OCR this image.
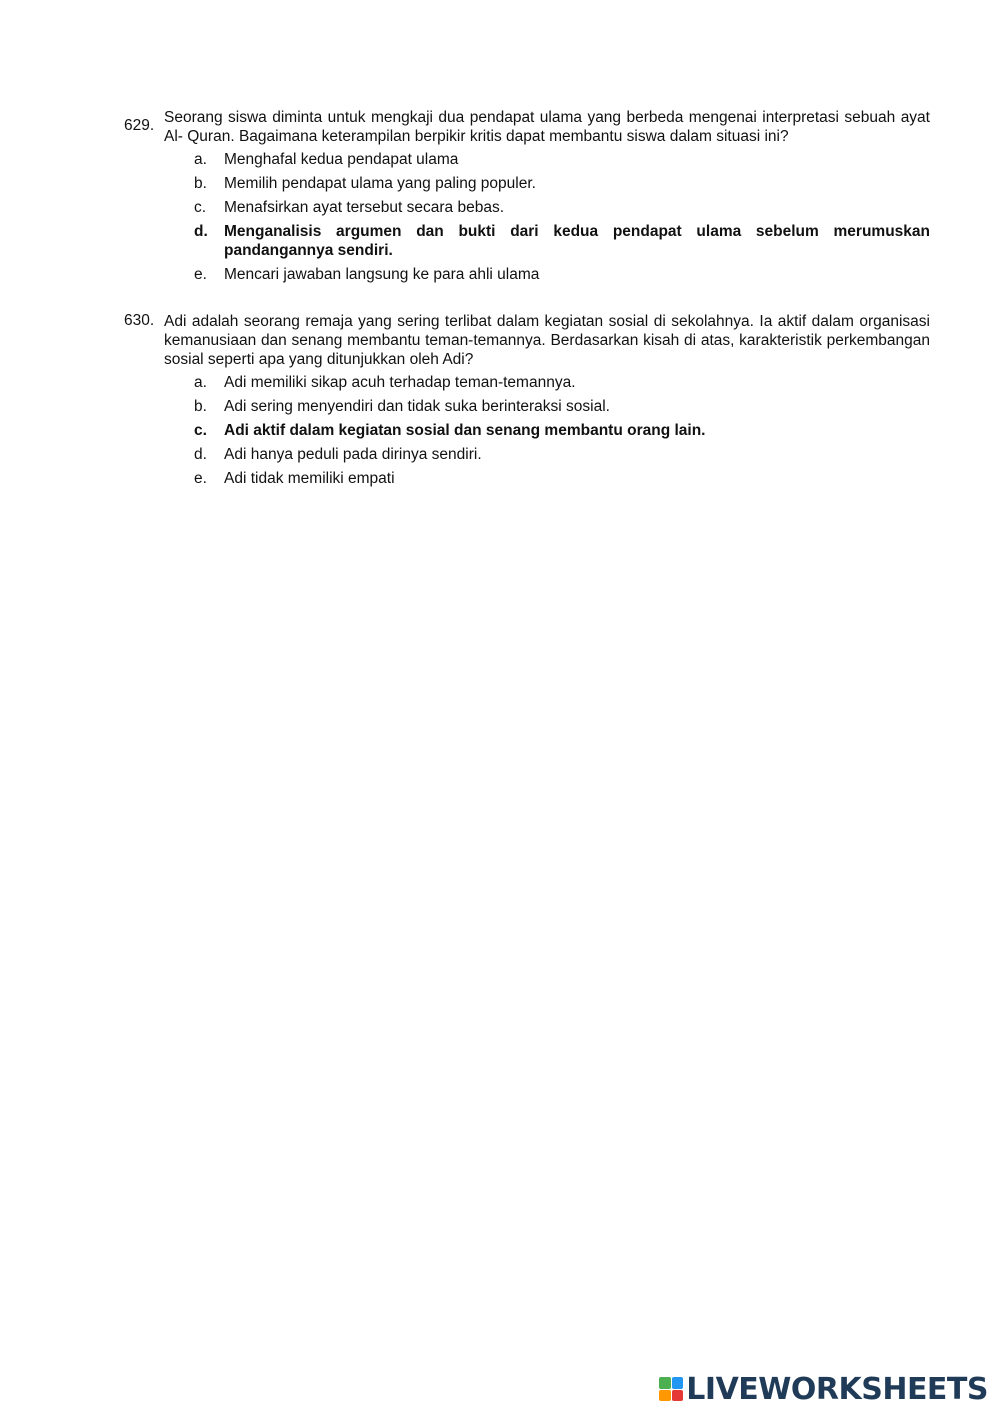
629. Seorang siswa diminta untuk mengkaji dua pendapat ulama yang berbeda mengenai interpretasi sebuah ayat Al- Quran. Bagaimana keterampilan berpikir kritis dapat membantu siswa dalam situasi ini?
a. Menghafal kedua pendapat ulama
b. Memilih pendapat ulama yang paling populer.
c. Menafsirkan ayat tersebut secara bebas.
d. Menganalisis argumen dan bukti dari kedua pendapat ulama sebelum merumuskan pandangannya sendiri.
e. Mencari jawaban langsung ke para ahli ulama
630. Adi adalah seorang remaja yang sering terlibat dalam kegiatan sosial di sekolahnya. Ia aktif dalam organisasi kemanusiaan dan senang membantu teman-temannya. Berdasarkan kisah di atas, karakteristik perkembangan sosial seperti apa yang ditunjukkan oleh Adi?
a. Adi memiliki sikap acuh terhadap teman-temannya.
b. Adi sering menyendiri dan tidak suka berinteraksi sosial.
c. Adi aktif dalam kegiatan sosial dan senang membantu orang lain.
d. Adi hanya peduli pada dirinya sendiri.
e. Adi tidak memiliki empati
LIVEWORKSHEETS
